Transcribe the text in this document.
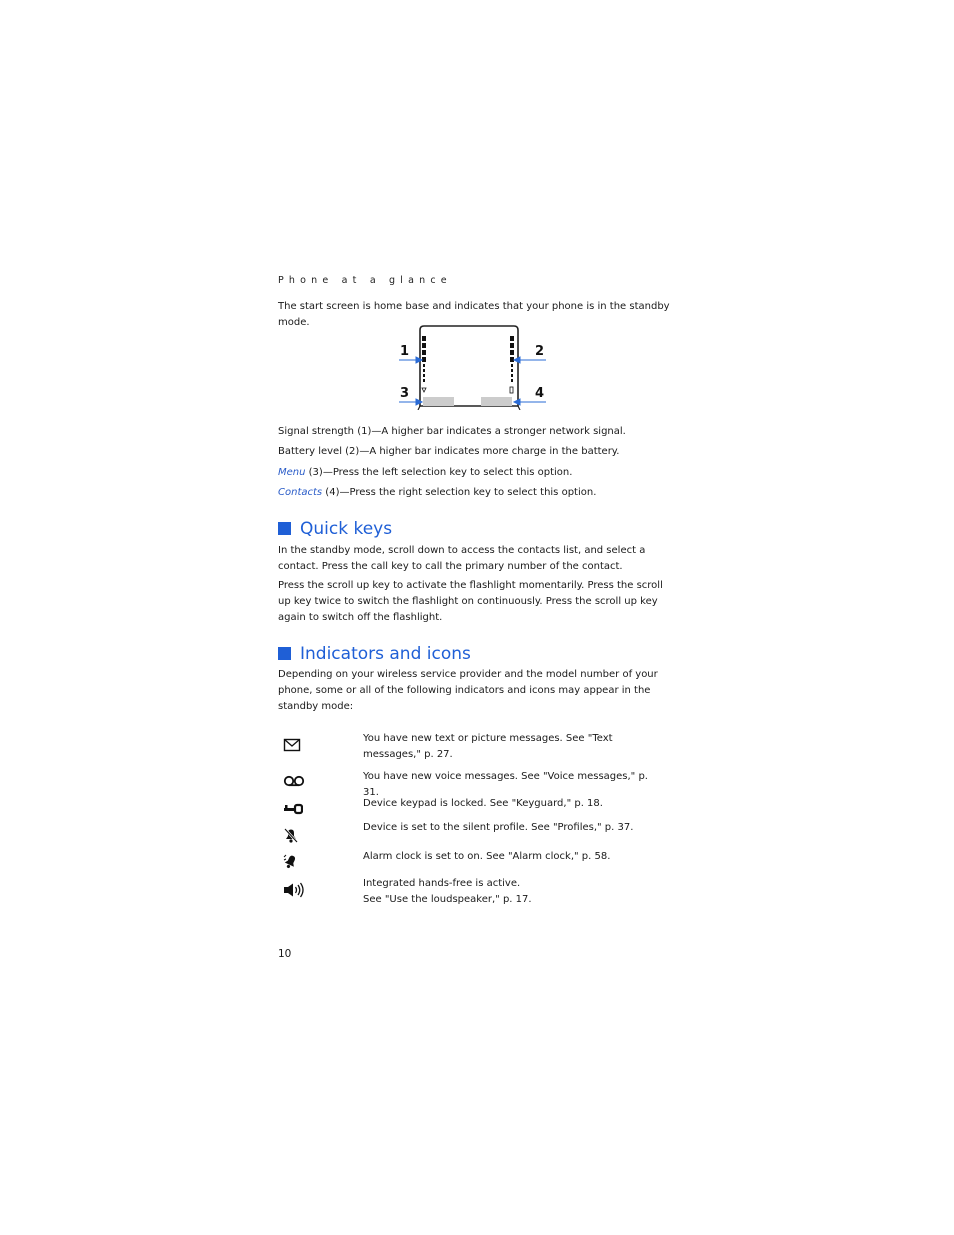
Phone at a glance

The start screen is home base and indicates that your phone is in the standby mode.

1	2
3	4

Signal strength (1)—A higher bar indicates a stronger network signal.

Battery level (2)—A higher bar indicates more charge in the battery.

Menu (3)—Press the left selection key to select this option.

Contacts (4)—Press the right selection key to select this option.

Quick keys

In the standby mode, scroll down to access the contacts list, and select a contact. Press the call key to call the primary number of the contact.

Press the scroll up key to activate the flashlight momentarily. Press the scroll up key twice to switch the flashlight on continuously. Press the scroll up key again to switch off the flashlight.

Indicators and icons

Depending on your wireless service provider and the model number of your phone, some or all of the following indicators and icons may appear in the standby mode:

You have new text or picture messages. See "Text messages," p. 27.

You have new voice messages. See "Voice messages," p. 31.

Device keypad is locked. See "Keyguard," p. 18.

Device is set to the silent profile. See "Profiles," p. 37.

Alarm clock is set to on. See "Alarm clock," p. 58.

Integrated hands-free is active.
See "Use the loudspeaker," p. 17.

10
